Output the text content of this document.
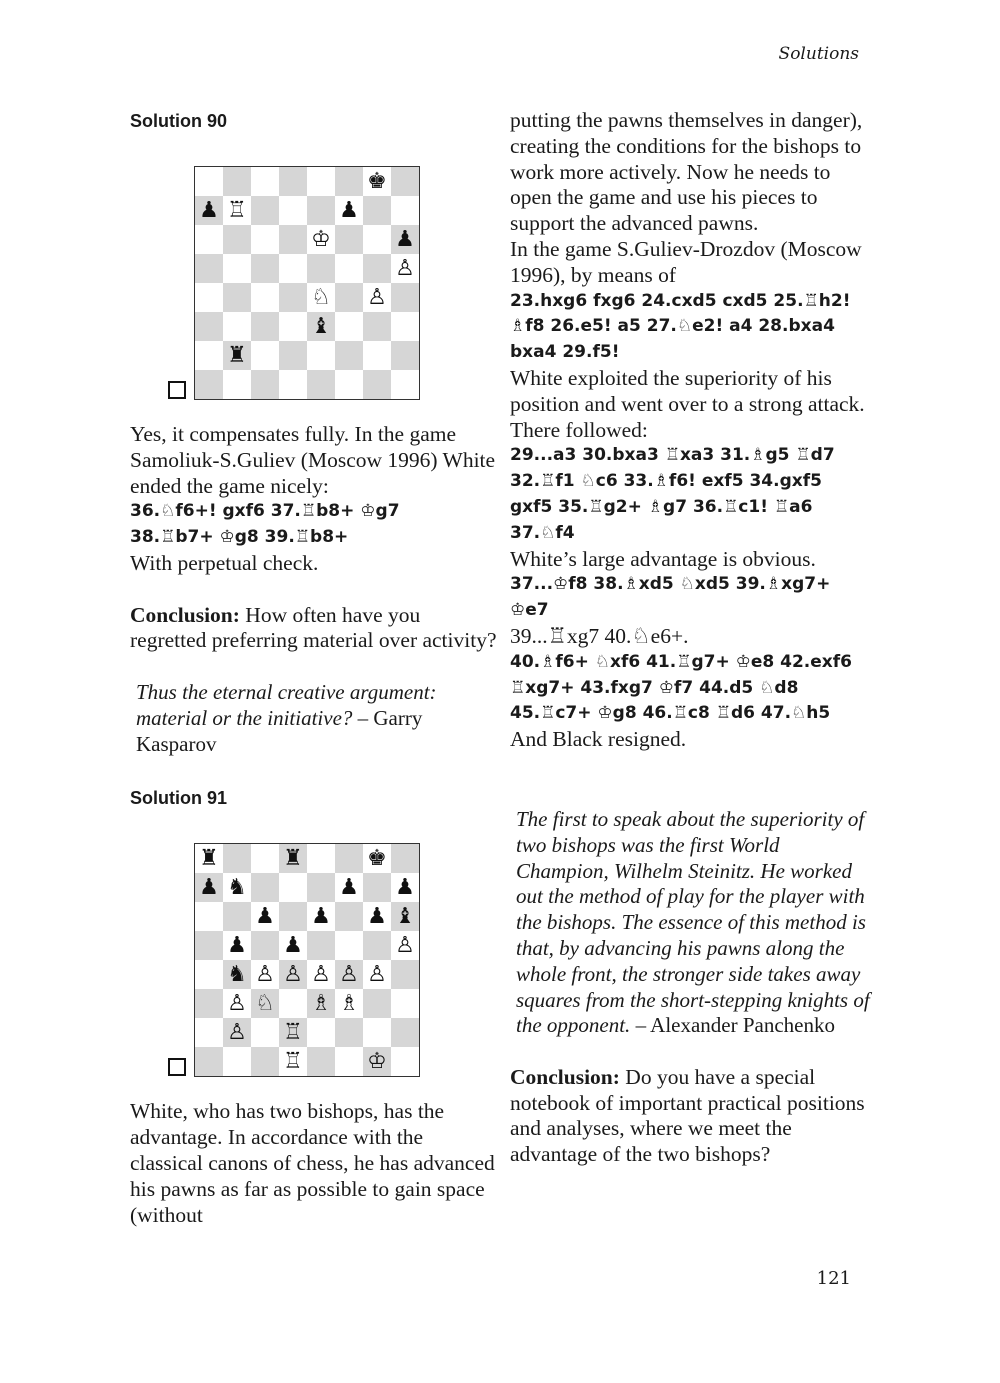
Solutions
Solution 90
♚
♟ ♖	♟
♔	♟
♙
♘ ♙
♝
♜

Yes, it compensates fully. In the game Samoliuk-S.Guliev (Moscow 1996) White ended the game nicely:

36.♘f6+! gxf6 37.♖b8+ ♔g7

38.♖b7+ ♔g8 39.♖b8+

With perpetual check.

Conclusion: How often have you regretted preferring material over activity?

Thus the eternal creative argument: material or the initiative? – Garry Kasparov

Solution 91
♜	♜	♚
♟ ♞	♟ ♟
♟ ♟ ♟ ♝
♟ ♟	♙
♞ ♙ ♙ ♙ ♙ ♙
♙ ♘ ♗ ♗
♙ ♖
♖	♔

White, who has two bishops, has the advantage. In accordance with the classical canons of chess, he has advanced his pawns as far as possible to gain space (without

putting the pawns themselves in danger), creating the conditions for the bishops to work more actively. Now he needs to open the game and use his pieces to support the advanced pawns.

In the game S.Guliev-Drozdov (Moscow 1996), by means of

23.hxg6 fxg6 24.cxd5 cxd5 25.♖h2!

♗f8 26.e5! a5 27.♘e2! a4 28.bxa4

bxa4 29.f5!

White exploited the superiority of his position and went over to a strong attack. There followed:

29...a3 30.bxa3 ♖xa3 31.♗g5 ♖d7

32.♖f1 ♘c6 33.♗f6! exf5 34.gxf5

gxf5 35.♖g2+ ♗g7 36.♖c1! ♖a6

37.♘f4

White’s large advantage is obvious.

37...♔f8 38.♗xd5 ♘xd5 39.♗xg7+

♔e7

39...♖xg7 40.♘e6+.

40.♗f6+ ♘xf6 41.♖g7+ ♔e8 42.exf6

♖xg7+ 43.fxg7 ♔f7 44.d5 ♘d8

45.♖c7+ ♔g8 46.♖c8 ♖d6 47.♘h5

And Black resigned.

The first to speak about the superiority of two bishops was the first World Champion, Wilhelm Steinitz. He worked out the method of play for the player with the bishops. The essence of this method is that, by advancing his pawns along the whole front, the stronger side takes away squares from the short-stepping knights of the opponent. – Alexander Panchenko

Conclusion: Do you have a special notebook of important practical positions and analyses, where we meet the advantage of the two bishops?

121
